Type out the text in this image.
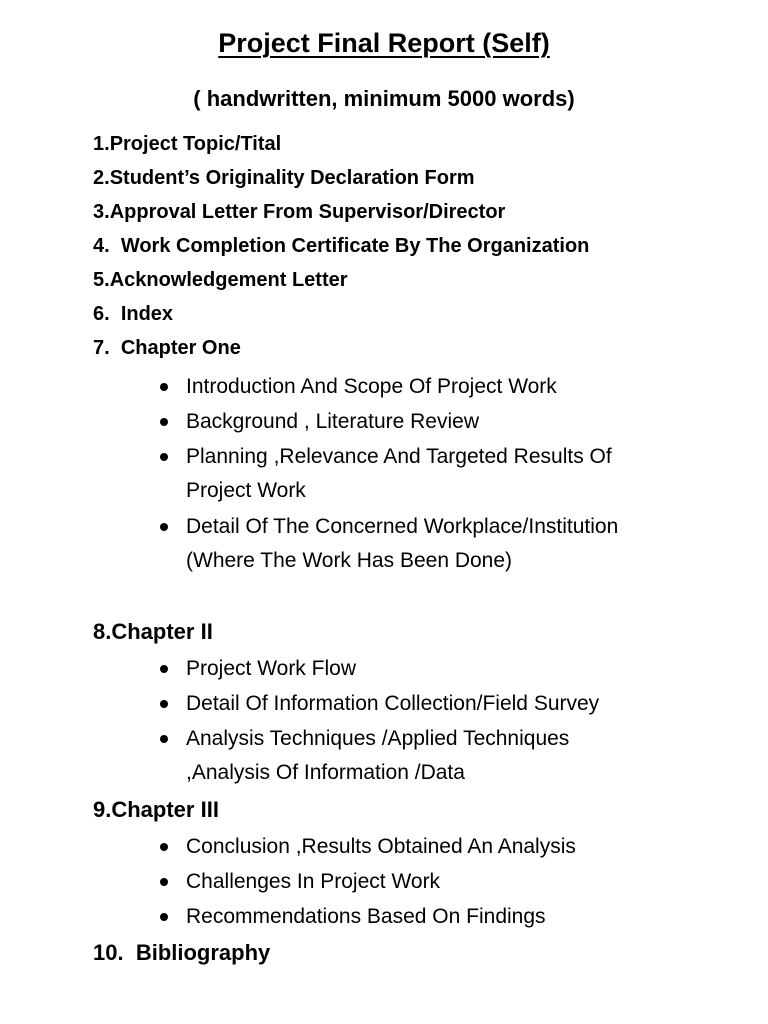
Project Final Report (Self)
( handwritten, minimum 5000 words)
1.Project Topic/Tital
2.Student’s Originality Declaration Form
3.Approval Letter From Supervisor/Director
4. Work Completion Certificate By The Organization
5.Acknowledgement Letter
6. Index
7. Chapter One
Introduction And Scope Of Project Work
Background , Literature Review
Planning ,Relevance And Targeted Results Of Project Work
Detail Of The Concerned Workplace/Institution (Where The Work Has Been Done)
8.Chapter II
Project Work Flow
Detail Of Information Collection/Field Survey
Analysis Techniques /Applied Techniques ,Analysis Of Information /Data
9.Chapter III
Conclusion ,Results Obtained An Analysis
Challenges In Project Work
Recommendations Based On Findings
10. Bibliography
